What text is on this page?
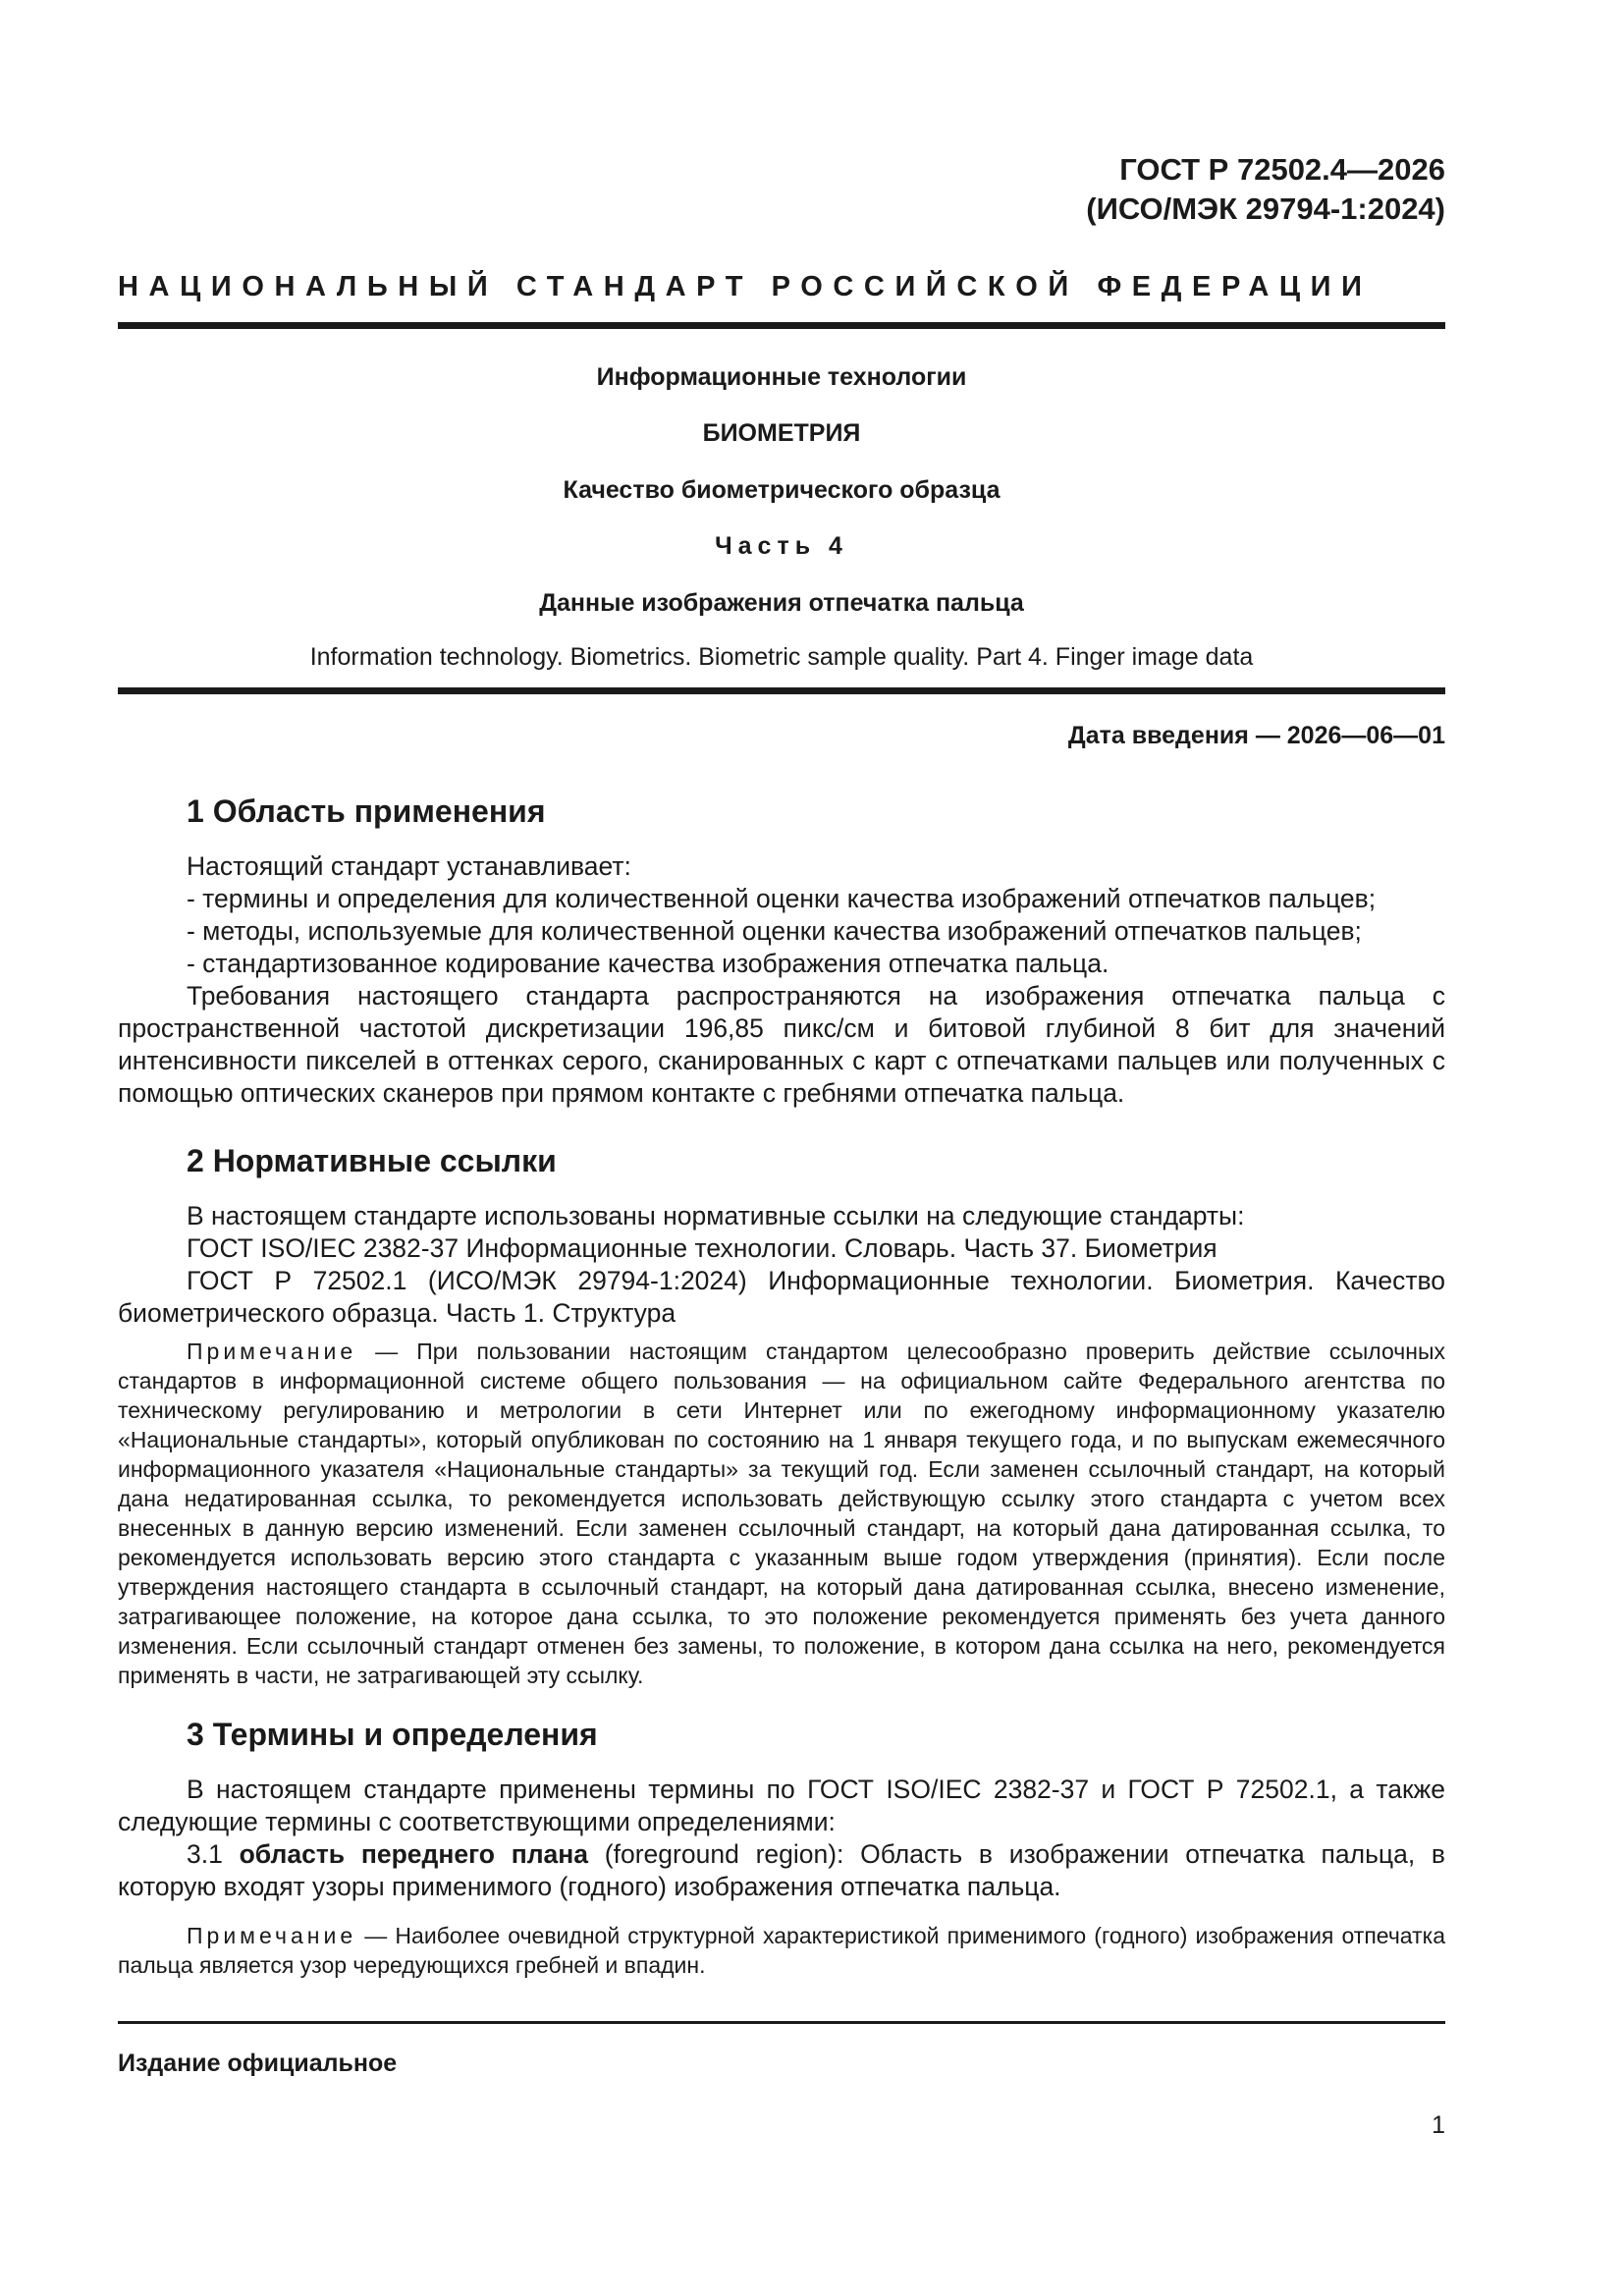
ГОСТ Р 72502.4—2026
(ИСО/МЭК 29794-1:2024)
НАЦИОНАЛЬНЫЙ СТАНДАРТ РОССИЙСКОЙ ФЕДЕРАЦИИ
Информационные технологии
БИОМЕТРИЯ
Качество биометрического образца
Часть 4
Данные изображения отпечатка пальца
Information technology. Biometrics. Biometric sample quality. Part 4. Finger image data
Дата введения — 2026—06—01
1 Область применения

Настоящий стандарт устанавливает:

- термины и определения для количественной оценки качества изображений отпечатков пальцев;

- методы, используемые для количественной оценки качества изображений отпечатков пальцев;

- стандартизованное кодирование качества изображения отпечатка пальца.

Требования настоящего стандарта распространяются на изображения отпечатка пальца с пространственной частотой дискретизации 196,85 пикс/см и битовой глубиной 8 бит для значений интенсивности пикселей в оттенках серого, сканированных с карт с отпечатками пальцев или полученных с помощью оптических сканеров при прямом контакте с гребнями отпечатка пальца.

2 Нормативные ссылки

В настоящем стандарте использованы нормативные ссылки на следующие стандарты:

ГОСТ ISO/IEC 2382-37 Информационные технологии. Словарь. Часть 37. Биометрия

ГОСТ Р 72502.1 (ИСО/МЭК 29794-1:2024) Информационные технологии. Биометрия. Качество биометрического образца. Часть 1. Структура

Примечание — При пользовании настоящим стандартом целесообразно проверить действие ссылочных стандартов в информационной системе общего пользования — на официальном сайте Федерального агентства по техническому регулированию и метрологии в сети Интернет или по ежегодному информационному указателю «Национальные стандарты», который опубликован по состоянию на 1 января текущего года, и по выпускам ежемесячного информационного указателя «Национальные стандарты» за текущий год. Если заменен ссылочный стандарт, на который дана недатированная ссылка, то рекомендуется использовать действующую ссылку этого стандарта с учетом всех внесенных в данную версию изменений. Если заменен ссылочный стандарт, на который дана датированная ссылка, то рекомендуется использовать версию этого стандарта с указанным выше годом утверждения (принятия). Если после утверждения настоящего стандарта в ссылочный стандарт, на который дана датированная ссылка, внесено изменение, затрагивающее положение, на которое дана ссылка, то это положение рекомендуется применять без учета данного изменения. Если ссылочный стандарт отменен без замены, то положение, в котором дана ссылка на него, рекомендуется применять в части, не затрагивающей эту ссылку.

3 Термины и определения

В настоящем стандарте применены термины по ГОСТ ISO/IEC 2382-37 и ГОСТ Р 72502.1, а также следующие термины с соответствующими определениями:

3.1 область переднего плана (foreground region): Область в изображении отпечатка пальца, в которую входят узоры применимого (годного) изображения отпечатка пальца.

Примечание — Наиболее очевидной структурной характеристикой применимого (годного) изображения отпечатка пальца является узор чередующихся гребней и впадин.

Издание официальное
1
